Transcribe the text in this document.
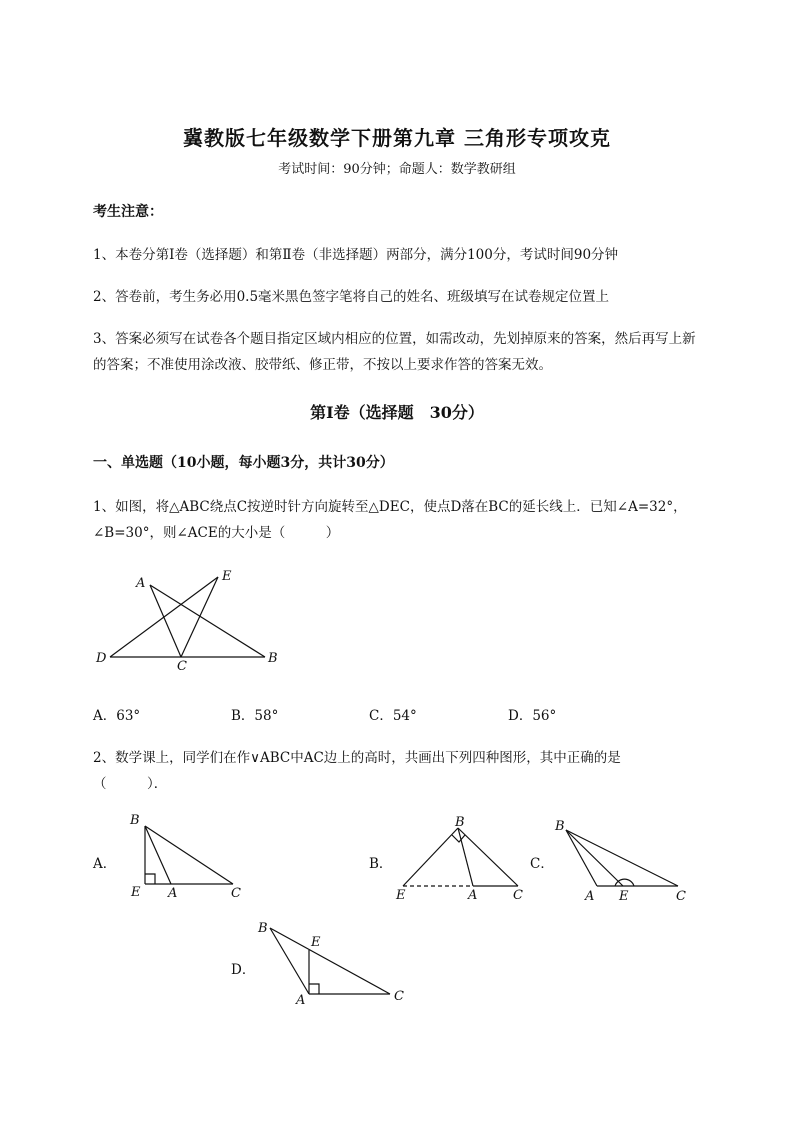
冀教版七年级数学下册第九章 三角形专项攻克
考试时间：90分钟；命题人：数学教研组
考生注意：
1、本卷分第I卷（选择题）和第Ⅱ卷（非选择题）两部分，满分100分，考试时间90分钟
2、答卷前，考生务必用0.5毫米黑色签字笔将自己的姓名、班级填写在试卷规定位置上
3、答案必须写在试卷各个题目指定区域内相应的位置，如需改动，先划掉原来的答案，然后再写上新
的答案；不准使用涂改液、胶带纸、修正带，不按以上要求作答的答案无效。
第I卷（选择题　30分）
一、单选题（10小题，每小题3分，共计30分）
1、如图，将△ABC绕点C按逆时针方向旋转至△DEC，使点D落在BC的延长线上．已知∠A=32°，
∠B=30°，则∠ACE的大小是（　　　）
A	E
D
C
B
A．63°	B．58°	C．54°	D．56°
2、数学课上，同学们在作∨ABC中AC边上的高时，共画出下列四种图形，其中正确的是
（　　　）．
A．	B．	C．
D．
B
E A	C
B
E	A	C
B
A E	C
B
E
A	C
